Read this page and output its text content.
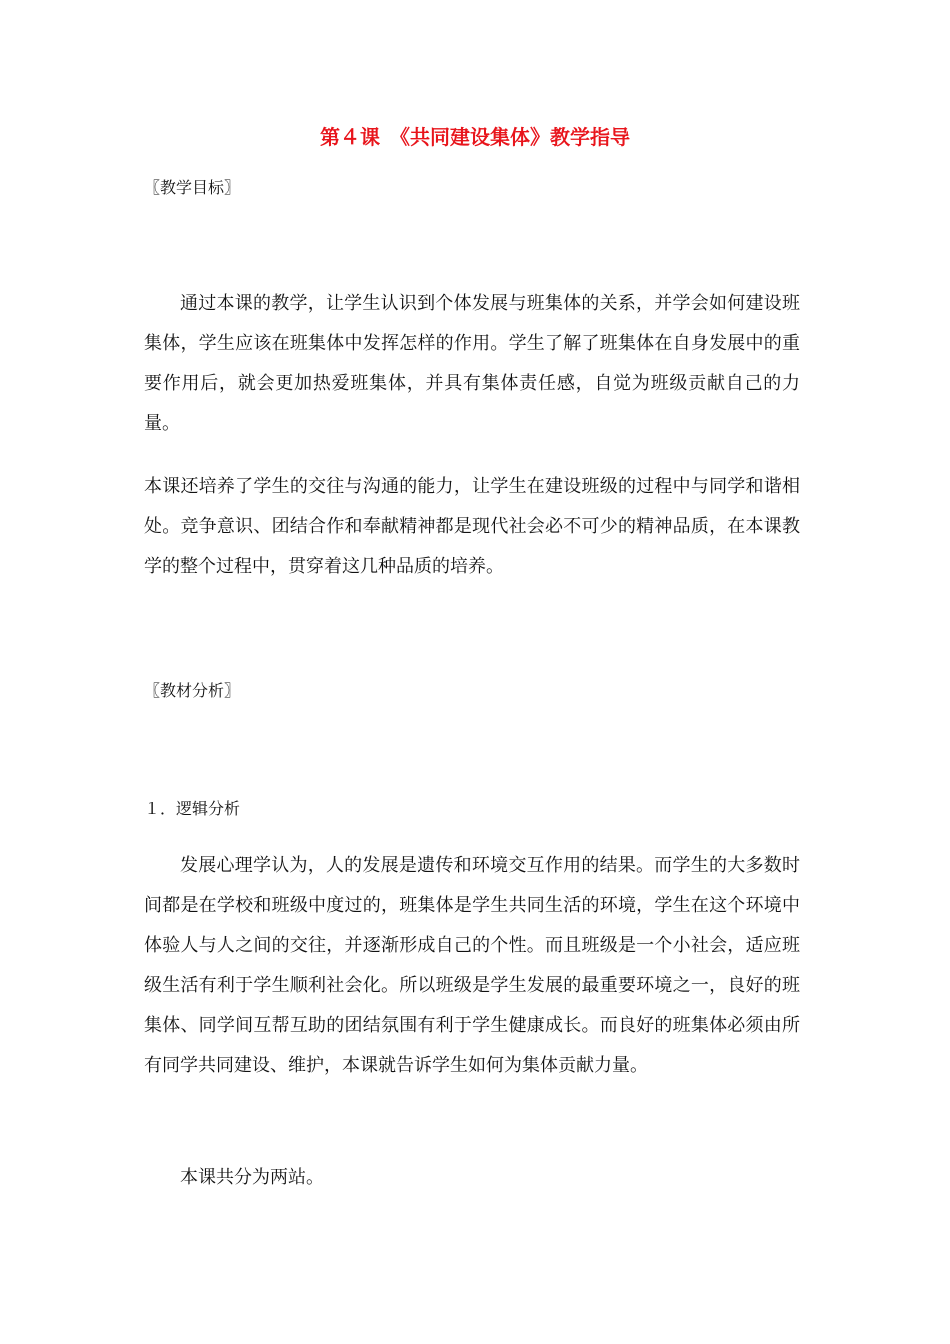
第４课　《共同建设集体》教学指导

〖教学目标〗

通过本课的教学，让学生认识到个体发展与班集体的关系，并学会如何建设班集体，学生应该在班集体中发挥怎样的作用。学生了解了班集体在自身发展中的重要作用后，就会更加热爱班集体，并具有集体责任感，自觉为班级贡献自己的力量。

本课还培养了学生的交往与沟通的能力，让学生在建设班级的过程中与同学和谐相处。竞争意识、团结合作和奉献精神都是现代社会必不可少的精神品质，在本课教学的整个过程中，贯穿着这几种品质的培养。

〖教材分析〗

１．逻辑分析

发展心理学认为，人的发展是遗传和环境交互作用的结果。而学生的大多数时间都是在学校和班级中度过的，班集体是学生共同生活的环境，学生在这个环境中体验人与人之间的交往，并逐渐形成自己的个性。而且班级是一个小社会，适应班级生活有利于学生顺利社会化。所以班级是学生发展的最重要环境之一，良好的班集体、同学间互帮互助的团结氛围有利于学生健康成长。而良好的班集体必须由所有同学共同建设、维护，本课就告诉学生如何为集体贡献力量。

本课共分为两站。
